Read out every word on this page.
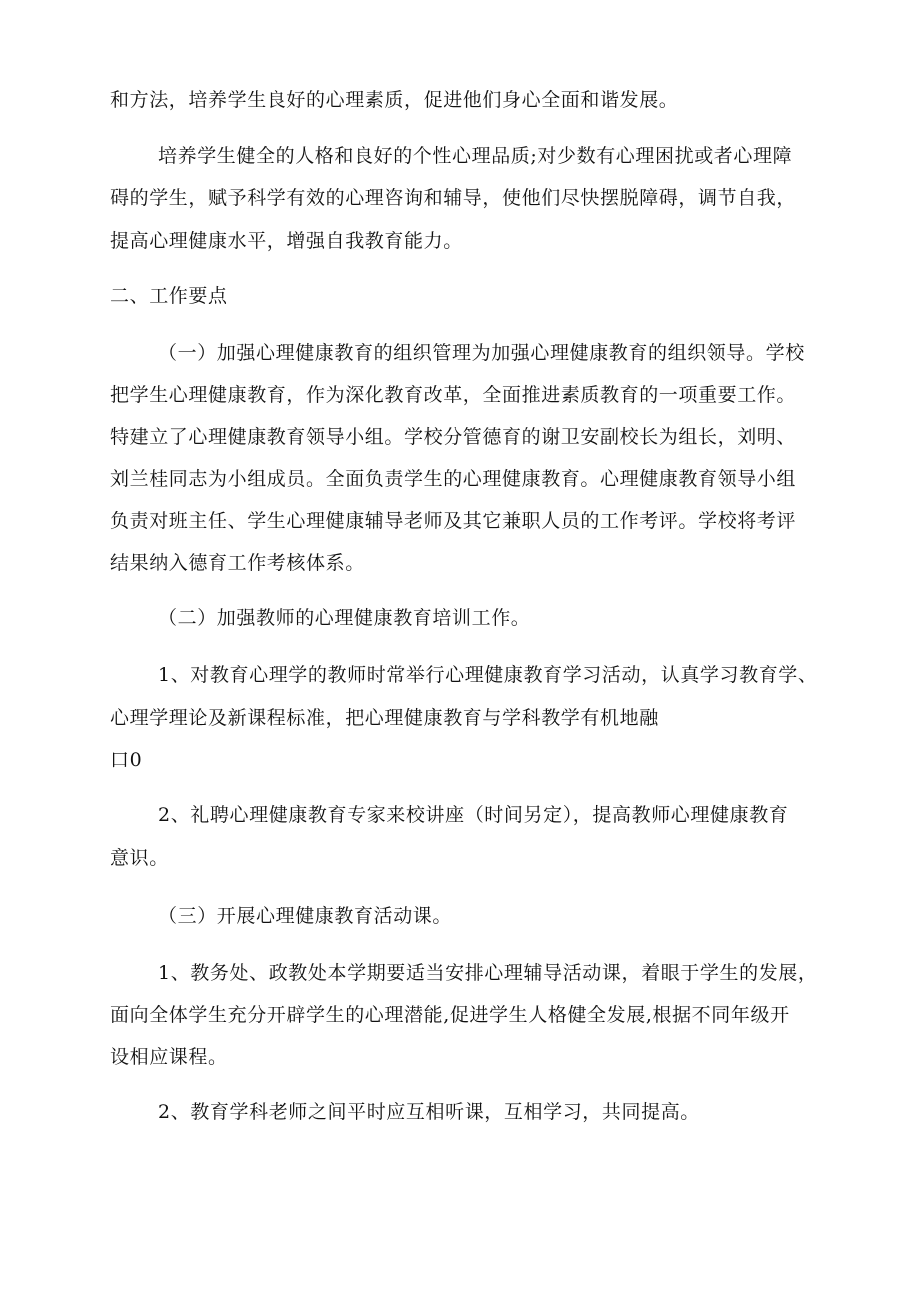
和方法，培养学生良好的心理素质，促进他们身心全面和谐发展。
培养学生健全的人格和良好的个性心理品质;对少数有心理困扰或者心理障
碍的学生，赋予科学有效的心理咨询和辅导，使他们尽快摆脱障碍，调节自我，
提高心理健康水平，增强自我教育能力。
二、工作要点
（一）加强心理健康教育的组织管理为加强心理健康教育的组织领导。学校
把学生心理健康教育，作为深化教育改革，全面推进素质教育的一项重要工作。
特建立了心理健康教育领导小组。学校分管德育的谢卫安副校长为组长，刘明、
刘兰桂同志为小组成员。全面负责学生的心理健康教育。心理健康教育领导小组
负责对班主任、学生心理健康辅导老师及其它兼职人员的工作考评。学校将考评
结果纳入德育工作考核体系。
（二）加强教师的心理健康教育培训工作。
1、对教育心理学的教师时常举行心理健康教育学习活动，认真学习教育学、
心理学理论及新课程标准，把心理健康教育与学科教学有机地融
口0
2、礼聘心理健康教育专家来校讲座（时间另定），提高教师心理健康教育
意识。
（三）开展心理健康教育活动课。
1、教务处、政教处本学期要适当安排心理辅导活动课，着眼于学生的发展，
面向全体学生充分开辟学生的心理潜能,促进学生人格健全发展,根据不同年级开
设相应课程。
2、教育学科老师之间平时应互相听课，互相学习，共同提高。
